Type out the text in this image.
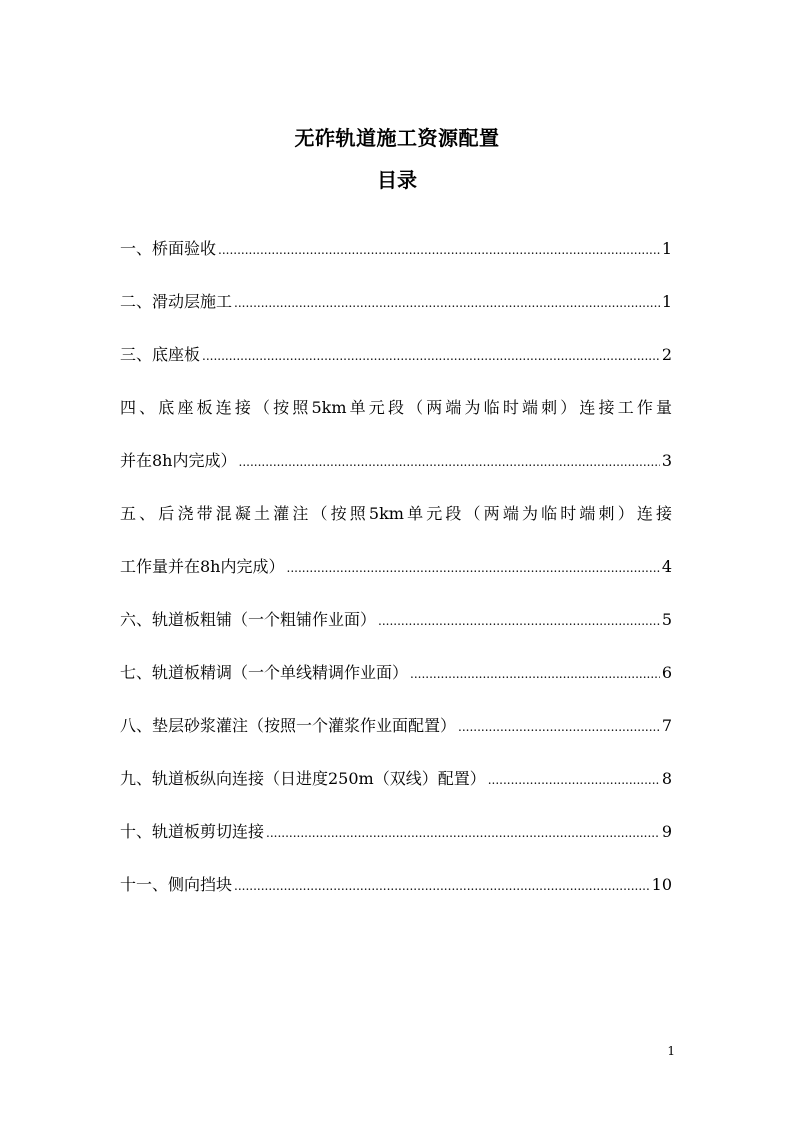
无砟轨道施工资源配置
目录
一、桥面验收 .....	1
二、滑动层施工 .....	1
三、底座板 .....	2
四、底座板连接（按照5km单元段（两端为临时端刺）连接工作量
并在8h内完成） .....	3
五、后浇带混凝土灌注（按照5km单元段（两端为临时端刺）连接
工作量并在8h内完成） .....	4
六、轨道板粗铺（一个粗铺作业面） .....	5
七、轨道板精调（一个单线精调作业面） .....	6
八、垫层砂浆灌注（按照一个灌浆作业面配置） .....	7
九、轨道板纵向连接（日进度250m（双线）配置） .....	8
十、轨道板剪切连接 .....	9
十一、侧向挡块 .....	10
1
